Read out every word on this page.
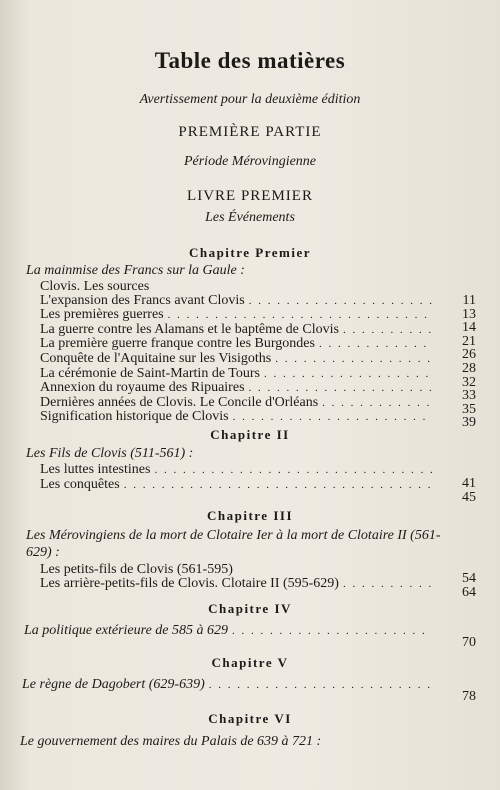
Table des matières
Avertissement pour la deuxième édition
PREMIÈRE PARTIE
Période Mérovingienne
LIVRE PREMIER
Les Événements
Chapitre Premier
La mainmise des Francs sur la Gaule :
Clovis. Les sources
L'expansion des Francs avant Clovis
. . .
Les premières guerres
. . .
La guerre contre les Alamans et le baptême de Clovis
. . .
La première guerre franque contre les Burgondes
. . .
Conquête de l'Aquitaine sur les Visigoths
. . .
La cérémonie de Saint-Martin de Tours
. . .
Annexion du royaume des Ripuaires
. . .
Dernières années de Clovis. Le Concile d'Orléans
. . .
Signification historique de Clovis
. . .
11
13
14
21
26
28
32
33
35
39
Chapitre II
Les Fils de Clovis (511-561) :
Les luttes intestines
. . .
Les conquêtes . . .	41
45
Chapitre III
Les Mérovingiens de la mort de Clotaire Ier à la mort de Clotaire II (561-629) :
Les petits-fils de Clovis (561-595)
Les arrière-petits-fils de Clovis. Clotaire II (595-629) . . .	54
64
Chapitre IV
La politique extérieure de 585 à 629
. . .
70
Chapitre V
Le règne de Dagobert (629-639)
. . .
78
Chapitre VI
Le gouvernement des maires du Palais de 639 à 721 :
